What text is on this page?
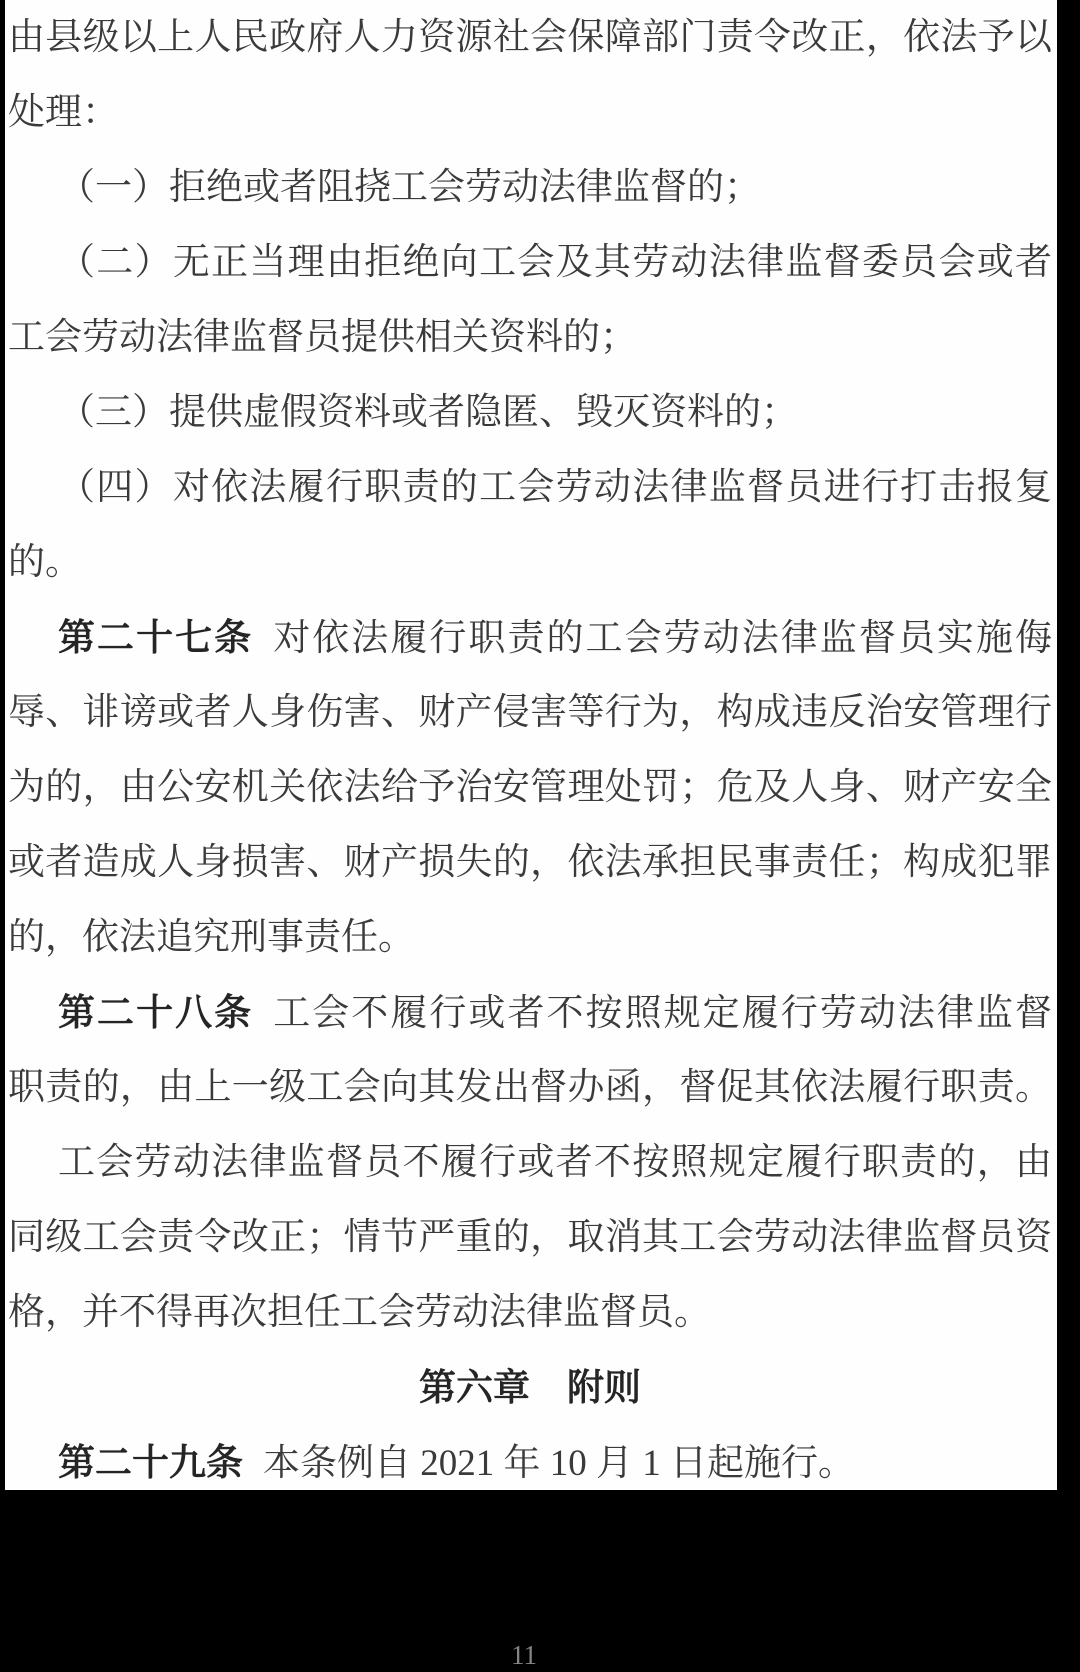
由县级以上人民政府人力资源社会保障部门责令改正，依法予以
处理：
（一）拒绝或者阻挠工会劳动法律监督的；
（二）无正当理由拒绝向工会及其劳动法律监督委员会或者
工会劳动法律监督员提供相关资料的；
（三）提供虚假资料或者隐匿、毁灭资料的；
（四）对依法履行职责的工会劳动法律监督员进行打击报复
的。
第二十七条 对依法履行职责的工会劳动法律监督员实施侮
辱、诽谤或者人身伤害、财产侵害等行为，构成违反治安管理行
为的，由公安机关依法给予治安管理处罚；危及人身、财产安全
或者造成人身损害、财产损失的，依法承担民事责任；构成犯罪
的，依法追究刑事责任。
第二十八条 工会不履行或者不按照规定履行劳动法律监督
职责的，由上一级工会向其发出督办函，督促其依法履行职责。
工会劳动法律监督员不履行或者不按照规定履行职责的，由
同级工会责令改正；情节严重的，取消其工会劳动法律监督员资
格，并不得再次担任工会劳动法律监督员。
第六章　附则
第二十九条 本条例自 2021 年 10 月 1 日起施行。
11
